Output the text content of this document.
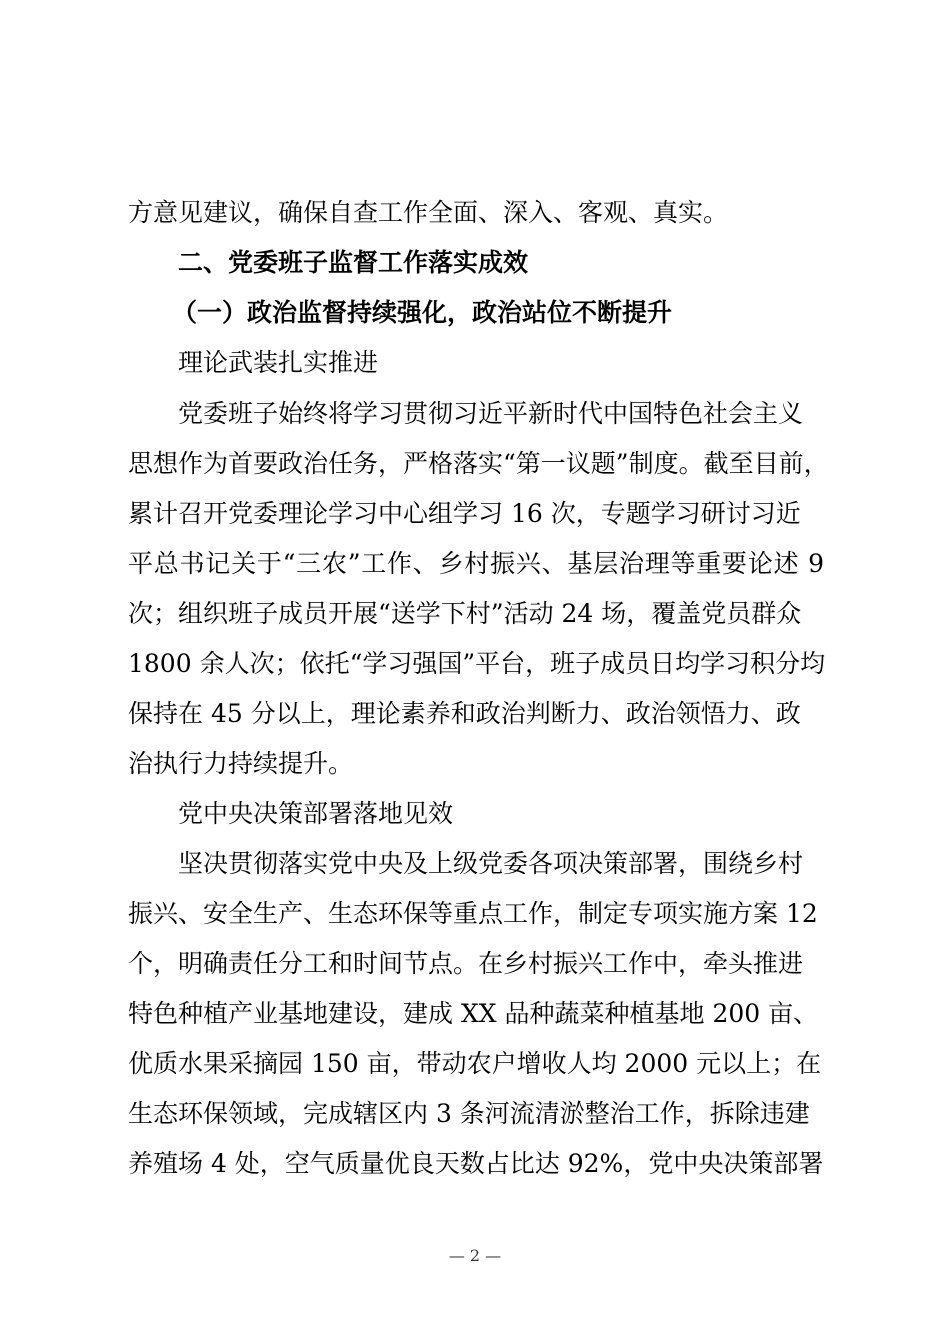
方意见建议，确保自查工作全面、深入、客观、真实。

二、党委班子监督工作落实成效

（一）政治监督持续强化，政治站位不断提升

理论武装扎实推进

党委班子始终将学习贯彻习近平新时代中国特色社会主义

思想作为首要政治任务，严格落实“第一议题”制度。截至目前，

累计召开党委理论学习中心组学习 16 次，专题学习研讨习近

平总书记关于“三农”工作、乡村振兴、基层治理等重要论述 9

次；组织班子成员开展“送学下村”活动 24 场，覆盖党员群众

1800 余人次；依托“学习强国”平台，班子成员日均学习积分均

保持在 45 分以上，理论素养和政治判断力、政治领悟力、政

治执行力持续提升。

党中央决策部署落地见效

坚决贯彻落实党中央及上级党委各项决策部署，围绕乡村

振兴、安全生产、生态环保等重点工作，制定专项实施方案 12

个，明确责任分工和时间节点。在乡村振兴工作中，牵头推进

特色种植产业基地建设，建成 XX 品种蔬菜种植基地 200 亩、

优质水果采摘园 150 亩，带动农户增收人均 2000 元以上；在

生态环保领域，完成辖区内 3 条河流清淤整治工作，拆除违建

养殖场 4 处，空气质量优良天数占比达 92%，党中央决策部署

— 2 —
